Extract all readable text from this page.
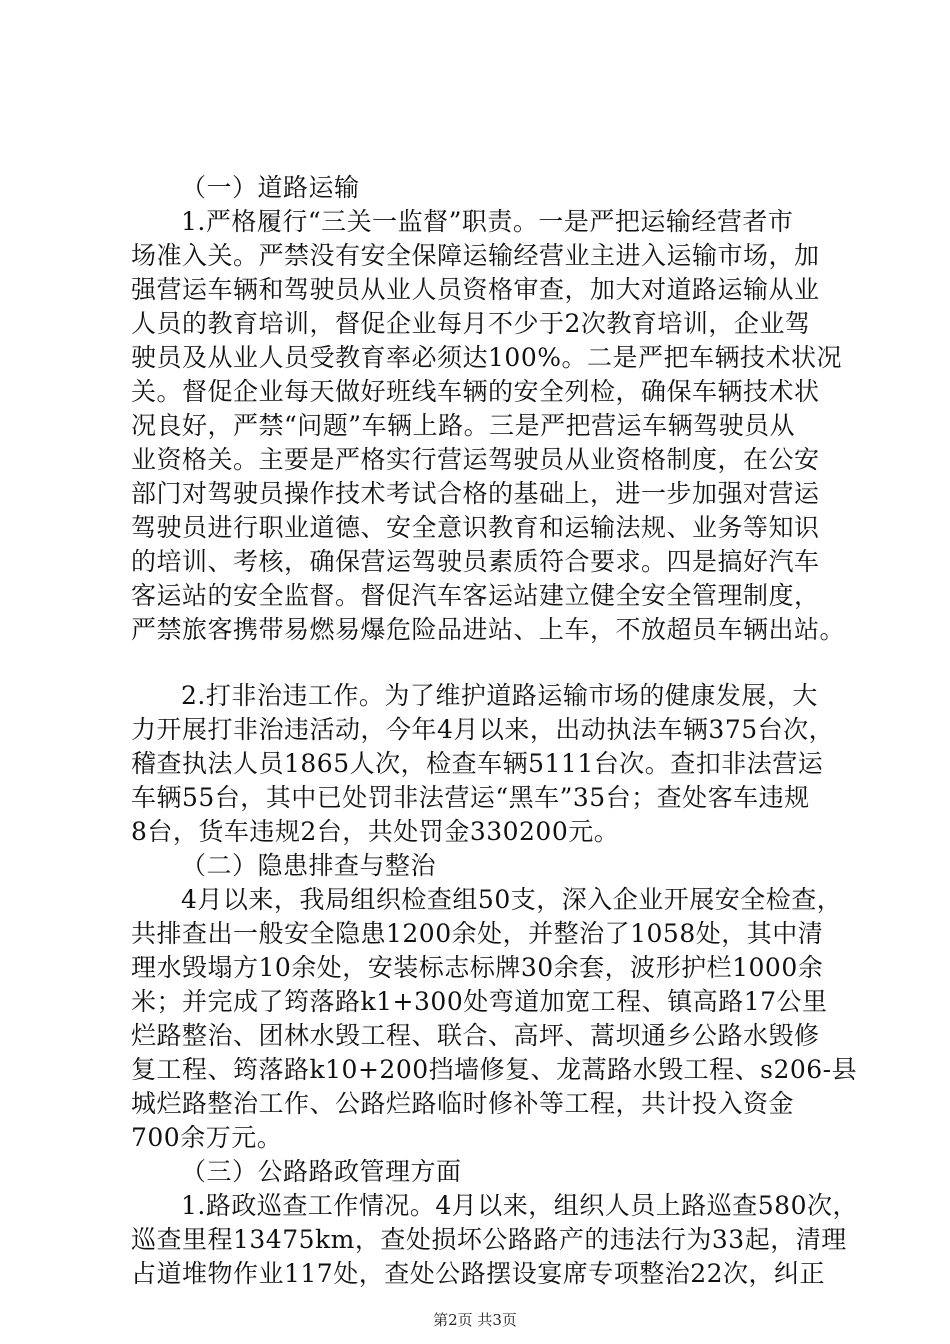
（一）道路运输
1.严格履行“三关一监督”职责。一是严把运输经营者市
场准入关。严禁没有安全保障运输经营业主进入运输市场，加
强营运车辆和驾驶员从业人员资格审查，加大对道路运输从业
人员的教育培训，督促企业每月不少于2次教育培训，企业驾
驶员及从业人员受教育率必须达100%。二是严把车辆技术状况
关。督促企业每天做好班线车辆的安全列检，确保车辆技术状
况良好，严禁“问题”车辆上路。三是严把营运车辆驾驶员从
业资格关。主要是严格实行营运驾驶员从业资格制度，在公安
部门对驾驶员操作技术考试合格的基础上，进一步加强对营运
驾驶员进行职业道德、安全意识教育和运输法规、业务等知识
的培训、考核，确保营运驾驶员素质符合要求。四是搞好汽车
客运站的安全监督。督促汽车客运站建立健全安全管理制度，
严禁旅客携带易燃易爆危险品进站、上车，不放超员车辆出站。
2.打非治违工作。为了维护道路运输市场的健康发展，大
力开展打非治违活动，今年4月以来，出动执法车辆375台次，
稽查执法人员1865人次，检查车辆5111台次。查扣非法营运
车辆55台，其中已处罚非法营运“黑车”35台；查处客车违规
8台，货车违规2台，共处罚金330200元。
（二）隐患排查与整治
4月以来，我局组织检查组50支，深入企业开展安全检查，
共排查出一般安全隐患1200余处，并整治了1058处，其中清
理水毁塌方10余处，安装标志标牌30余套，波形护栏1000余
米；并完成了筠落路k1+300处弯道加宽工程、镇高路17公里
烂路整治、团林水毁工程、联合、高坪、蒿坝通乡公路水毁修
复工程、筠落路k10+200挡墙修复、龙蒿路水毁工程、s206-县
城烂路整治工作、公路烂路临时修补等工程，共计投入资金
700余万元。
（三）公路路政管理方面
1.路政巡查工作情况。4月以来，组织人员上路巡查580次，
巡查里程13475km，查处损坏公路路产的违法行为33起，清理
占道堆物作业117处，查处公路摆设宴席专项整治22次，纠正
第2页 共3页
